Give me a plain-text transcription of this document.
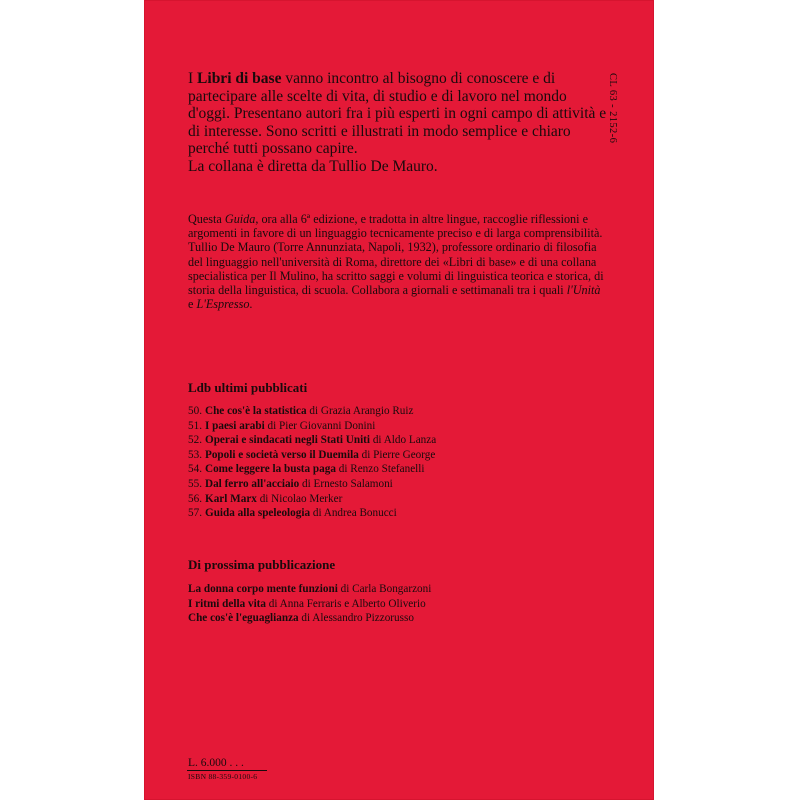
CL 63 - 2152-6

I Libri di base vanno incontro al bisogno di conoscere e di partecipare alle scelte di vita, di studio e di lavoro nel mondo d'oggi. Presentano autori fra i più esperti in ogni campo di attività e di interesse. Sono scritti e illustrati in modo semplice e chiaro perché tutti possano capire.

La collana è diretta da Tullio De Mauro.

Questa Guida, ora alla 6ª edizione, e tradotta in altre lingue, raccoglie riflessioni e argomenti in favore di un linguaggio tecnicamente preciso e di larga comprensibilità. Tullio De Mauro (Torre Annunziata, Napoli, 1932), professore ordinario di filosofia del linguaggio nell'università di Roma, direttore dei «Libri di base» e di una collana specialistica per Il Mulino, ha scritto saggi e volumi di linguistica teorica e storica, di storia della linguistica, di scuola. Collabora a giornali e settimanali tra i quali l'Unità e L'Espresso.

Ldb ultimi pubblicati
50. Che cos'è la statistica di Grazia Arangio Ruiz
51. I paesi arabi di Pier Giovanni Donini
52. Operai e sindacati negli Stati Uniti di Aldo Lanza
53. Popoli e società verso il Duemila di Pierre George
54. Come leggere la busta paga di Renzo Stefanelli
55. Dal ferro all'acciaio di Ernesto Salamoni
56. Karl Marx di Nicolao Merker
57. Guida alla speleologia di Andrea Bonucci
Di prossima pubblicazione
La donna corpo mente funzioni di Carla Bongarzoni
I ritmi della vita di Anna Ferraris e Alberto Oliverio
Che cos'è l'eguaglianza di Alessandro Pizzorusso
L. 6.000 . . .
ISBN 88-359-0100-6
